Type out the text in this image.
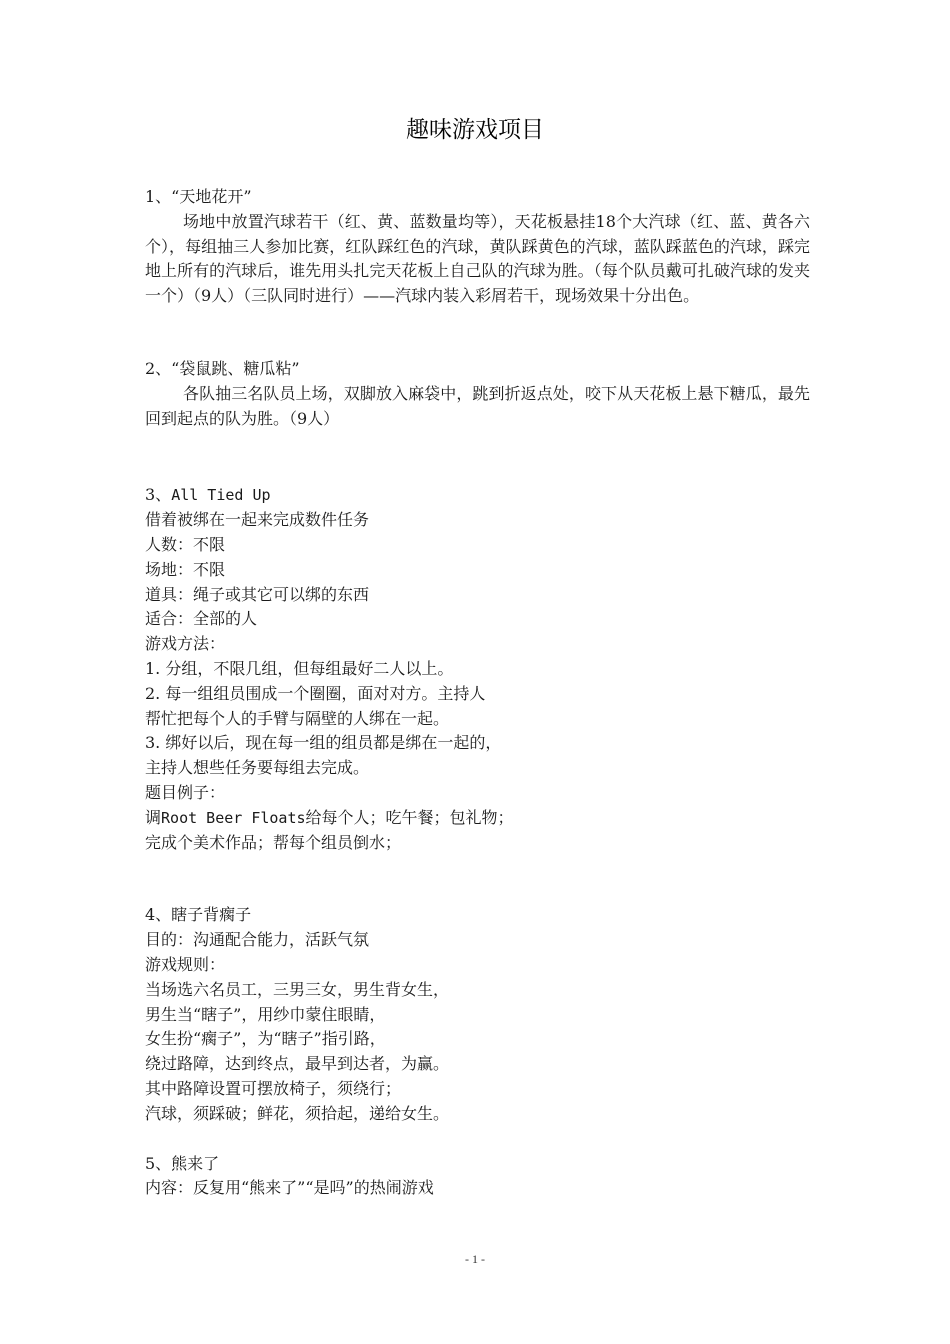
趣味游戏项目

1、“天地花开”

场地中放置汽球若干（红、黄、蓝数量均等），天花板悬挂18个大汽球（红、蓝、黄各六个），每组抽三人参加比赛，红队踩红色的汽球，黄队踩黄色的汽球，蓝队踩蓝色的汽球，踩完地上所有的汽球后，谁先用头扎完天花板上自己队的汽球为胜。（每个队员戴可扎破汽球的发夹一个）（9人）（三队同时进行）——汽球内装入彩屑若干，现场效果十分出色。

2、“袋鼠跳、糖瓜粘”

各队抽三名队员上场，双脚放入麻袋中，跳到折返点处，咬下从天花板上悬下糖瓜，最先回到起点的队为胜。（9人）

3、All Tied Up

借着被绑在一起来完成数件任务

人数：不限

场地：不限

道具：绳子或其它可以绑的东西

适合：全部的人

游戏方法：

1. 分组，不限几组，但每组最好二人以上。

2. 每一组组员围成一个圈圈，面对对方。主持人

帮忙把每个人的手臂与隔壁的人绑在一起。

3. 绑好以后，现在每一组的组员都是绑在一起的，

主持人想些任务要每组去完成。

题目例子：

调Root Beer Floats给每个人；吃午餐；包礼物；

完成个美术作品；帮每个组员倒水；

4、瞎子背瘸子

目的：沟通配合能力，活跃气氛

游戏规则：

当场选六名员工，三男三女，男生背女生，

男生当“瞎子”，用纱巾蒙住眼睛，

女生扮“瘸子”，为“瞎子”指引路，

绕过路障，达到终点，最早到达者，为赢。

其中路障设置可摆放椅子，须绕行；

汽球，须踩破；鲜花，须拾起，递给女生。

5、熊来了

内容：反复用“熊来了”“是吗”的热闹游戏

- 1 -
